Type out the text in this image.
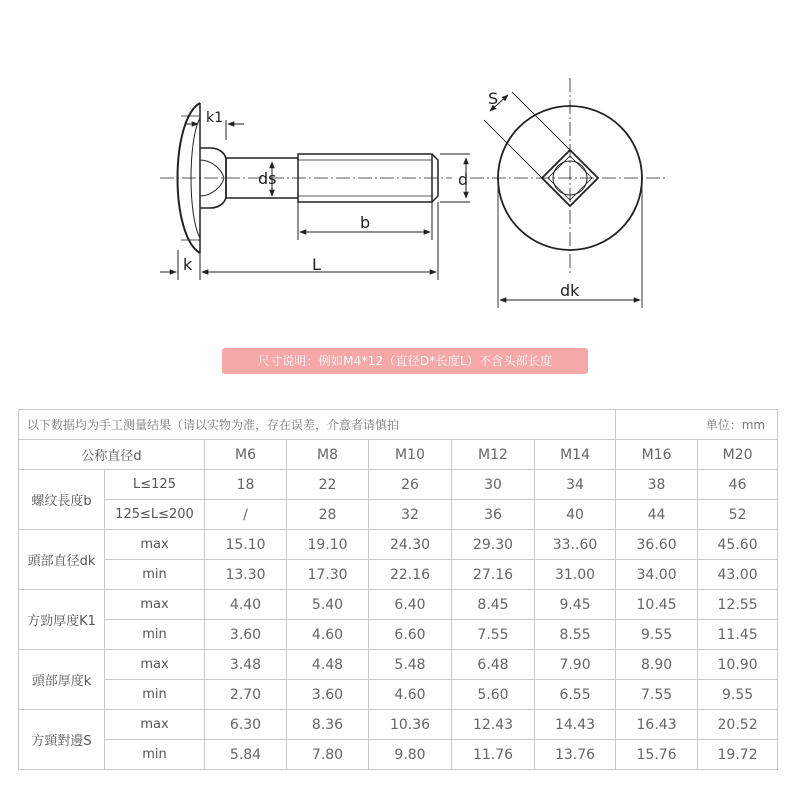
k1
ds	d
b
k	L
S
dk
尺寸说明：例如M4*12（直径D*长度L）不含头部长度
以下数据均为手工测量结果（请以实物为准，存在误差，介意者请慎拍							单位：mm	
公称直径d		M6	M8	M10	M12	M14	M16	M20
螺纹長度b	L≤125	18	22	26	30	34	38	46
	125≤L≤200	/	28	32	36	40	44	52
頭部直径dk	max	15.10	19.10	24.30	29.30	33..60	36.60	45.60
	min	13.30	17.30	22.16	27.16	31.00	34.00	43.00
方勁厚度K1	max	4.40	5.40	6.40	8.45	9.45	10.45	12.55
	min	3.60	4.60	6.60	7.55	8.55	9.55	11.45
頭部厚度k	max	3.48	4.48	5.48	6.48	7.90	8.90	10.90
	min	2.70	3.60	4.60	5.60	6.55	7.55	9.55
方頸對邊S	max	6.30	8.36	10.36	12.43	14.43	16.43	20.52
	min	5.84	7.80	9.80	11.76	13.76	15.76	19.72
